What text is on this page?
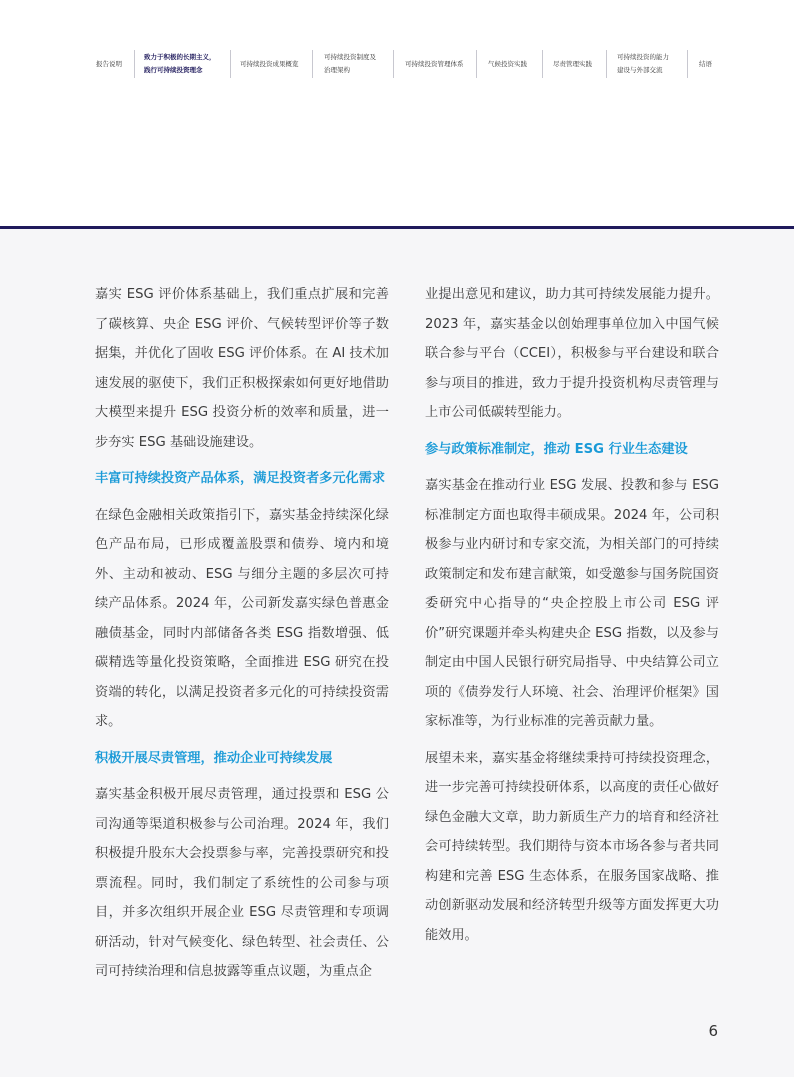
报告说明
致力于积极的长期主义，
践行可持续投资理念
可持续投资成果概览
可持续投资制度及
治理架构
可持续投资管理体系	气候投资实践	尽责管理实践
可持续投资的能力
建设与外部交流
结语

嘉实 ESG 评价体系基础上，我们重点扩展和完善了碳核算、央企 ESG 评价、气候转型评价等子数据集，并优化了固收 ESG 评价体系。在 AI 技术加速发展的驱使下，我们正积极探索如何更好地借助大模型来提升 ESG 投资分析的效率和质量，进一步夯实 ESG 基础设施建设。

丰富可持续投资产品体系，满足投资者多元化需求

在绿色金融相关政策指引下，嘉实基金持续深化绿色产品布局，已形成覆盖股票和债券、境内和境外、主动和被动、ESG 与细分主题的多层次可持续产品体系。2024 年，公司新发嘉实绿色普惠金融债基金，同时内部储备各类 ESG 指数增强、低碳精选等量化投资策略，全面推进 ESG 研究在投资端的转化，以满足投资者多元化的可持续投资需求。

积极开展尽责管理，推动企业可持续发展

嘉实基金积极开展尽责管理，通过投票和 ESG 公司沟通等渠道积极参与公司治理。2024 年，我们积极提升股东大会投票参与率，完善投票研究和投票流程。同时，我们制定了系统性的公司参与项目，并多次组织开展企业 ESG 尽责管理和专项调研活动，针对气候变化、绿色转型、社会责任、公司可持续治理和信息披露等重点议题，为重点企

业提出意见和建议，助力其可持续发展能力提升。2023 年，嘉实基金以创始理事单位加入中国气候联合参与平台（CCEI），积极参与平台建设和联合参与项目的推进，致力于提升投资机构尽责管理与上市公司低碳转型能力。

参与政策标准制定，推动 ESG 行业生态建设

嘉实基金在推动行业 ESG 发展、投教和参与 ESG 标准制定方面也取得丰硕成果。2024 年，公司积极参与业内研讨和专家交流，为相关部门的可持续政策制定和发布建言献策，如受邀参与国务院国资委研究中心指导的“央企控股上市公司 ESG 评价”研究课题并牵头构建央企 ESG 指数，以及参与制定由中国人民银行研究局指导、中央结算公司立项的《债券发行人环境、社会、治理评价框架》国家标准等，为行业标准的完善贡献力量。

展望未来，嘉实基金将继续秉持可持续投资理念，进一步完善可持续投研体系，以高度的责任心做好绿色金融大文章，助力新质生产力的培育和经济社会可持续转型。我们期待与资本市场各参与者共同构建和完善 ESG 生态体系，在服务国家战略、推动创新驱动发展和经济转型升级等方面发挥更大功能效用。

6
